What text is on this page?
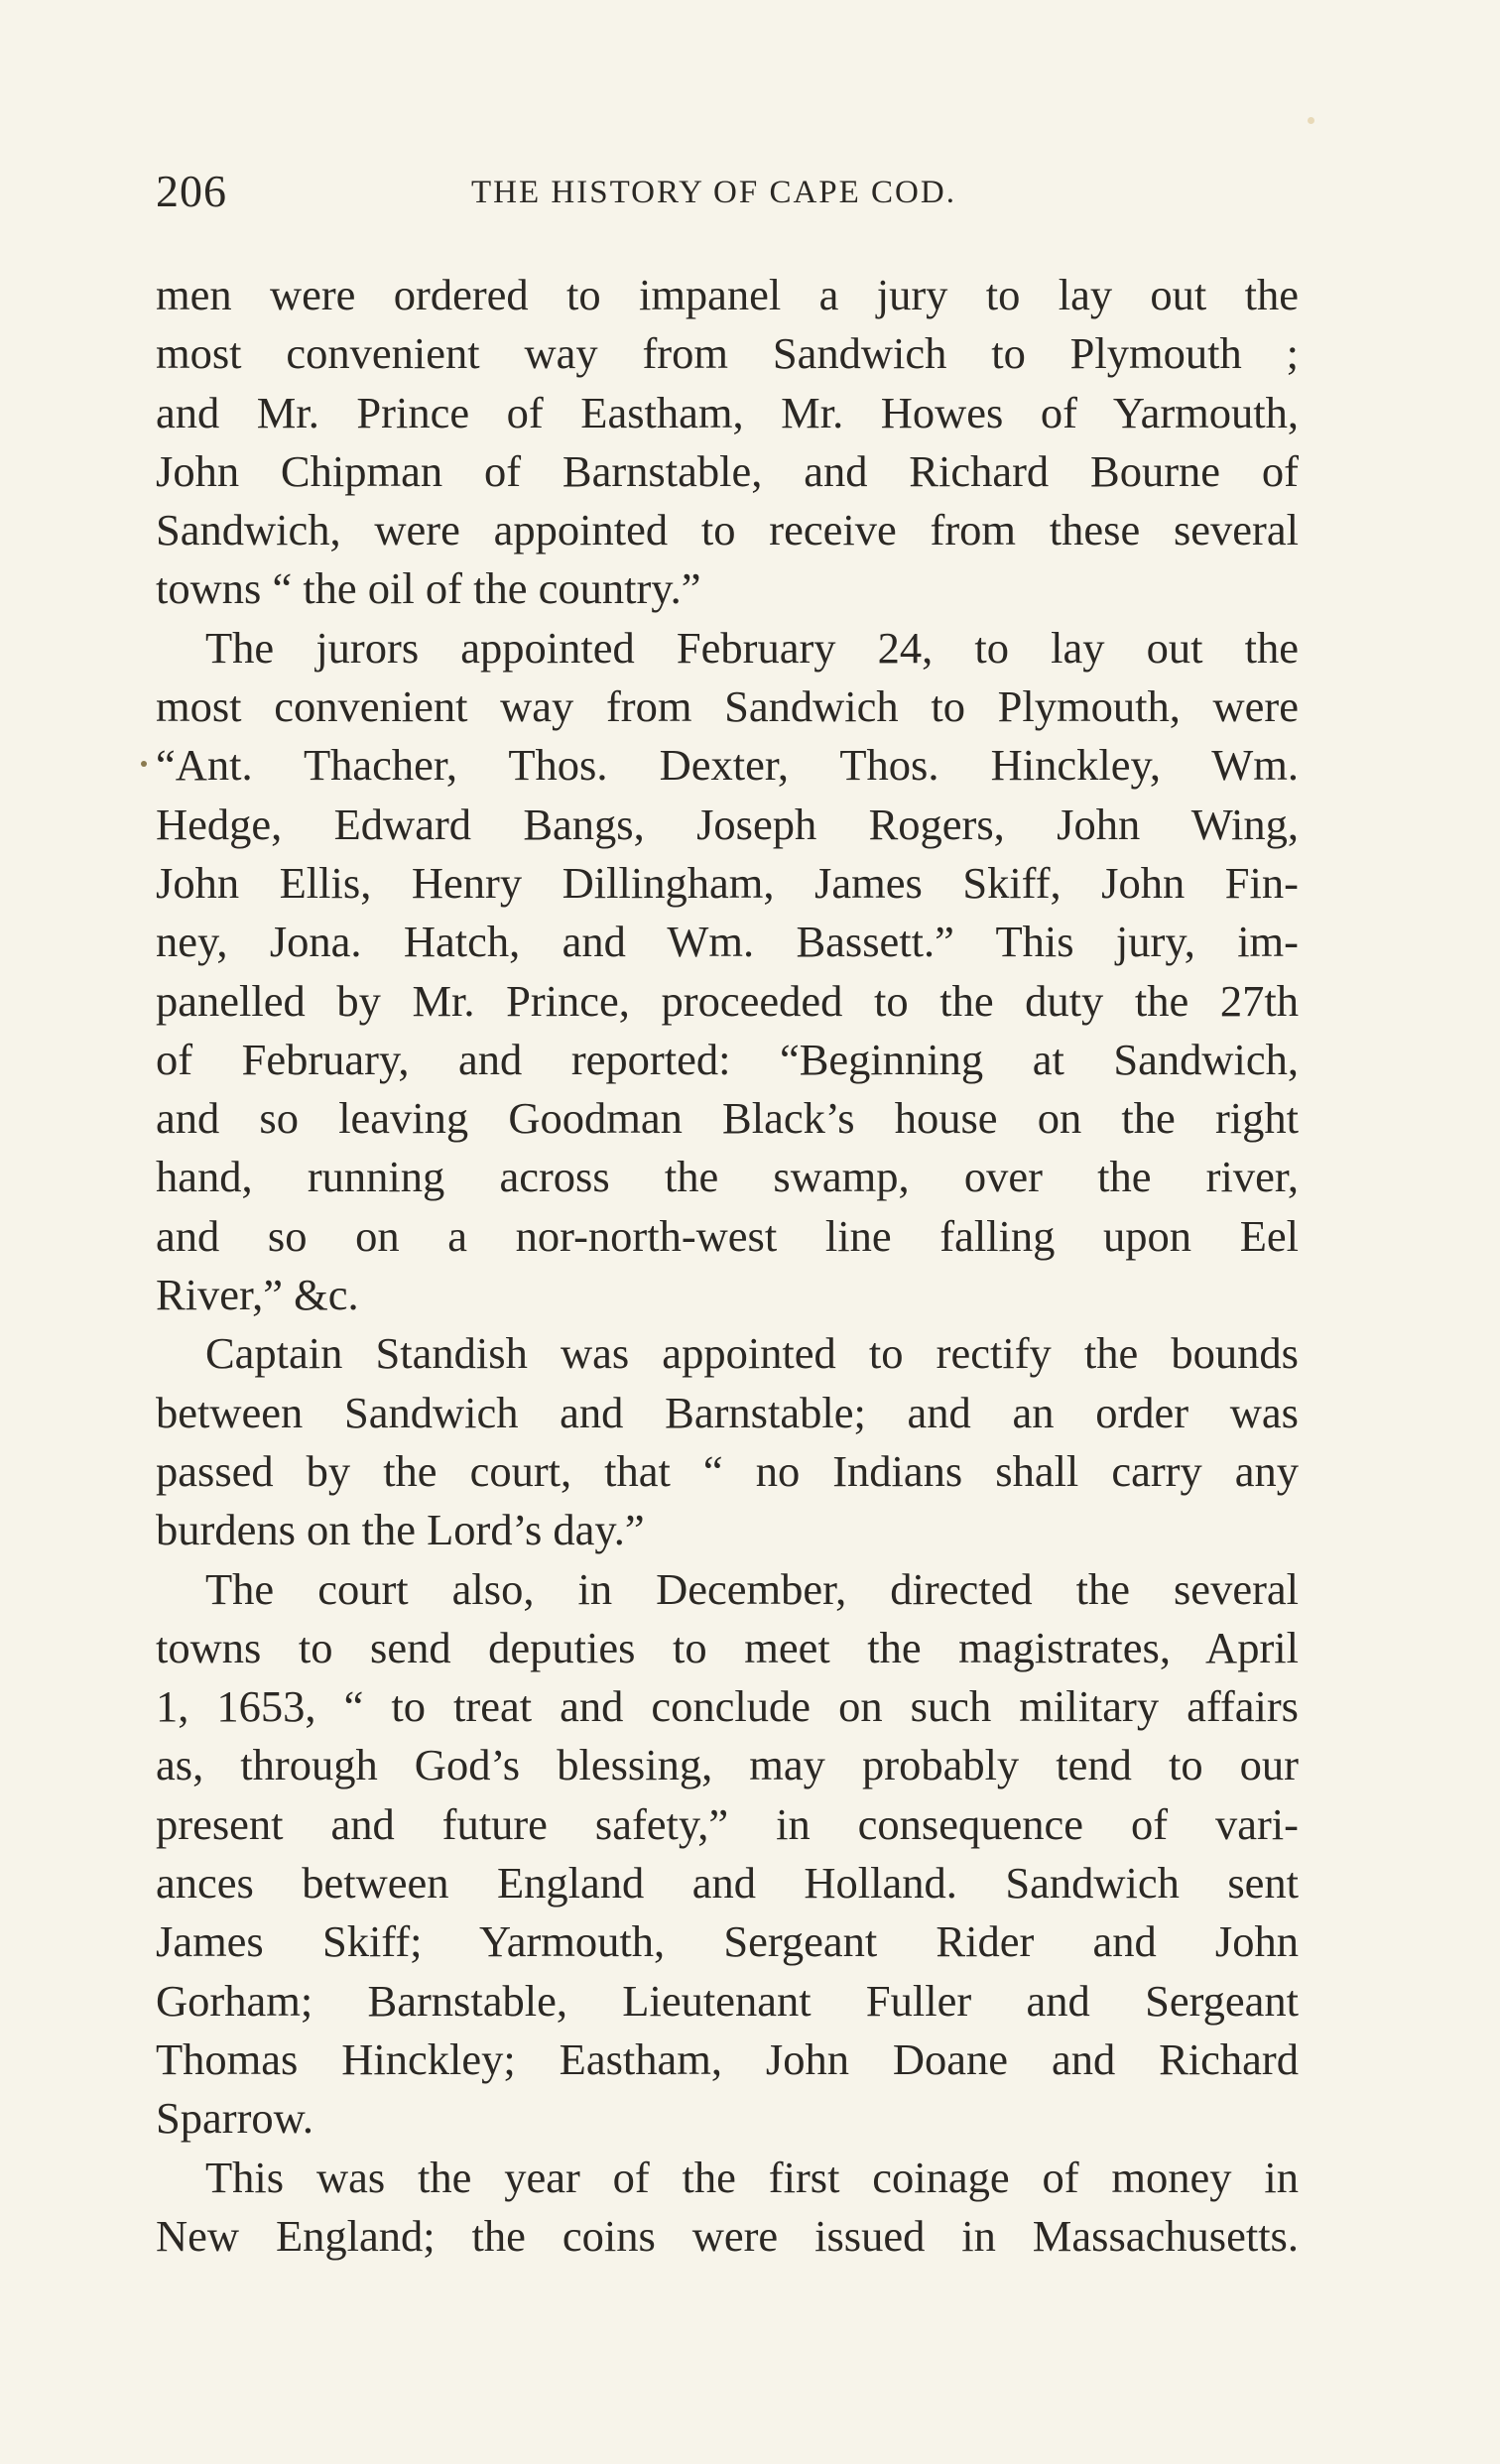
206	THE HISTORY OF CAPE COD.
men were ordered to impanel a jury to lay out the
most convenient way from Sandwich to Plymouth ;
and Mr. Prince of Eastham, Mr. Howes of Yarmouth,
John Chipman of Barnstable, and Richard Bourne of
Sandwich, were appointed to receive from these several
towns “ the oil of the country.”
The jurors appointed February 24, to lay out the
most convenient way from Sandwich to Plymouth, were
“Ant. Thacher, Thos. Dexter, Thos. Hinckley, Wm.
Hedge, Edward Bangs, Joseph Rogers, John Wing,
John Ellis, Henry Dillingham, James Skiff, John Fin-
ney, Jona. Hatch, and Wm. Bassett.” This jury, im-
panelled by Mr. Prince, proceeded to the duty the 27th
of February, and reported: “Beginning at Sandwich,
and so leaving Goodman Black’s house on the right
hand, running across the swamp, over the river,
and so on a nor-north-west line falling upon Eel
River,” &c.
Captain Standish was appointed to rectify the bounds
between Sandwich and Barnstable; and an order was
passed by the court, that “ no Indians shall carry any
burdens on the Lord’s day.”
The court also, in December, directed the several
towns to send deputies to meet the magistrates, April
1, 1653, “ to treat and conclude on such military affairs
as, through God’s blessing, may probably tend to our
present and future safety,” in consequence of vari-
ances between England and Holland. Sandwich sent
James Skiff; Yarmouth, Sergeant Rider and John
Gorham; Barnstable, Lieutenant Fuller and Sergeant
Thomas Hinckley; Eastham, John Doane and Richard
Sparrow.
This was the year of the first coinage of money in
New England; the coins were issued in Massachusetts.
